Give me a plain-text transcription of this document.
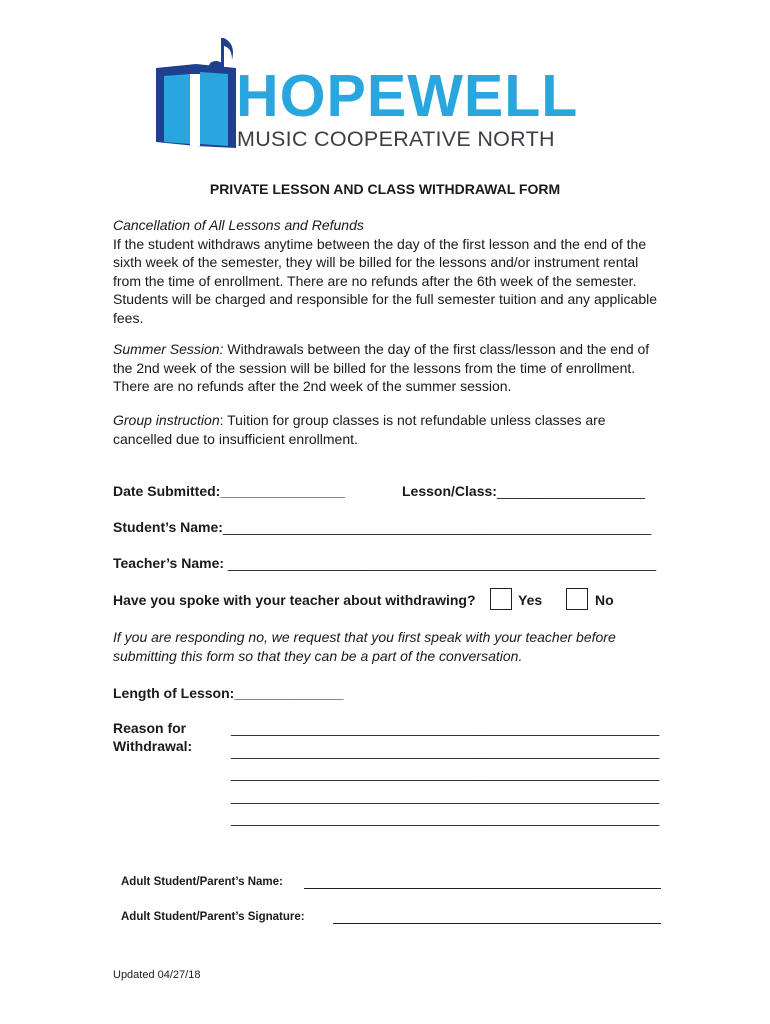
HOPEWELL
MUSIC COOPERATIVE NORTH
PRIVATE LESSON AND CLASS WITHDRAWAL FORM

Cancellation of All Lessons and Refunds

If the student withdraws anytime between the day of the first lesson and the end of the

sixth week of the semester, they will be billed for the lessons and/or instrument rental

from the time of enrollment. There are no refunds after the 6th week of the semester.

Students will be charged and responsible for the full semester tuition and any applicable

fees.

Summer Session: Withdrawals between the day of the first class/lesson and the end of

the 2nd week of the session will be billed for the lessons from the time of enrollment.

There are no refunds after the 2nd week of the summer session.

Group instruction: Tuition for group classes is not refundable unless classes are

cancelled due to insufficient enrollment.

Date Submitted:________________	Lesson/Class:___________________
Student’s Name:_______________________________________________________
Teacher’s Name: _______________________________________________________
Have you spoke with your teacher about withdrawing?	Yes	No

If you are responding no, we request that you first speak with your teacher before

submitting this form so that they can be a part of the conversation.

Length of Lesson:______________
Reason for
Withdrawal:
_______________________________________________________
_______________________________________________________
_______________________________________________________
_______________________________________________________
_______________________________________________________
Adult Student/Parent’s Name:
Adult Student/Parent’s Signature:
Updated 04/27/18
